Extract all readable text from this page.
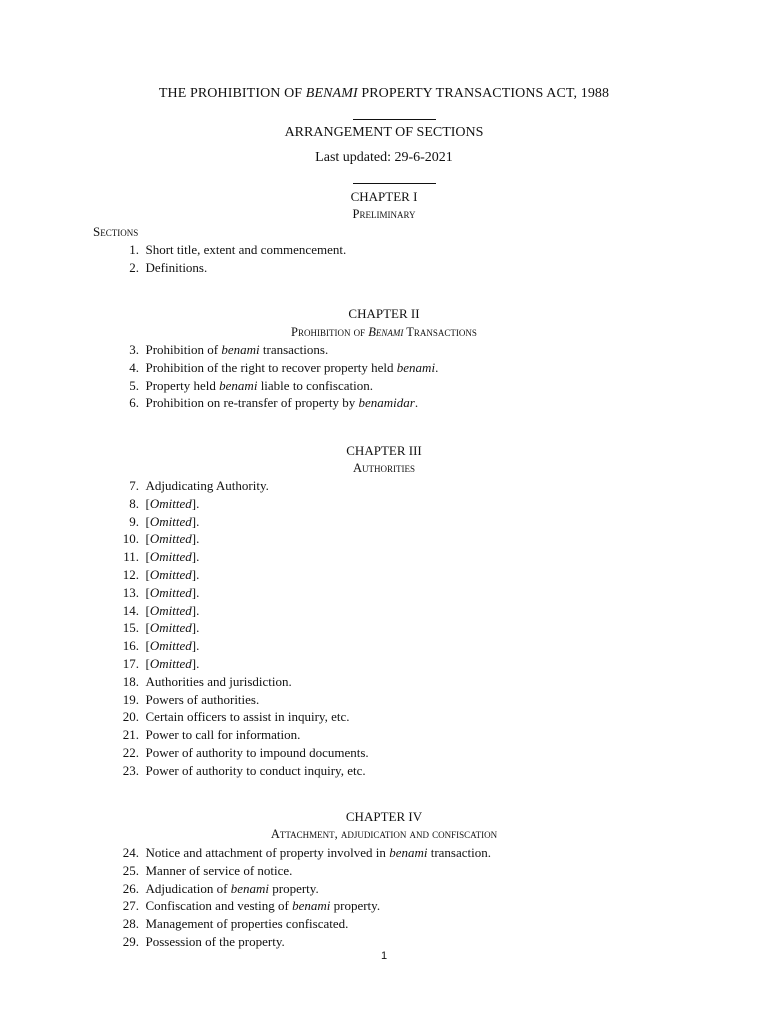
THE PROHIBITION OF BENAMI PROPERTY TRANSACTIONS ACT, 1988
ARRANGEMENT OF SECTIONS
Last updated: 29-6-2021
CHAPTER I
Preliminary
Sections
1. Short title, extent and commencement.
2. Definitions.
CHAPTER II
Prohibition of Benami Transactions
3. Prohibition of benami transactions.
4. Prohibition of the right to recover property held benami.
5. Property held benami liable to confiscation.
6. Prohibition on re-transfer of property by benamidar.
CHAPTER III
Authorities
7. Adjudicating Authority.
8. [Omitted].
9. [Omitted].
10. [Omitted].
11. [Omitted].
12. [Omitted].
13. [Omitted].
14. [Omitted].
15. [Omitted].
16. [Omitted].
17. [Omitted].
18. Authorities and jurisdiction.
19. Powers of authorities.
20. Certain officers to assist in inquiry, etc.
21. Power to call for information.
22. Power of authority to impound documents.
23. Power of authority to conduct inquiry, etc.
CHAPTER IV
Attachment, adjudication and confiscation
24. Notice and attachment of property involved in benami transaction.
25. Manner of service of notice.
26. Adjudication of benami property.
27. Confiscation and vesting of benami property.
28. Management of properties confiscated.
29. Possession of the property.
1
